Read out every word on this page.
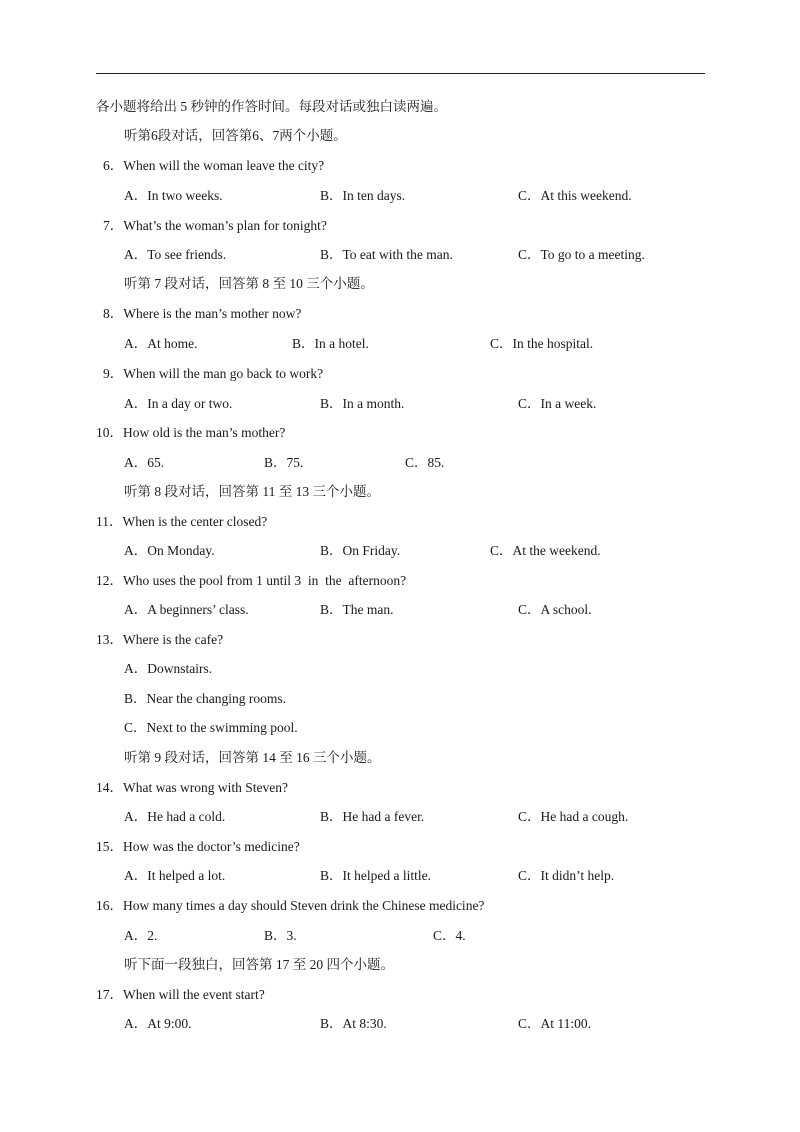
各小题将给出 5 秒钟的作答时间。每段对话或独白读两遍。
听第6段对话，回答第6、7两个小题。
6．When will the woman leave the city?
A．In two weeks.	B．In ten days.	C．At this weekend.
7．What’s the woman’s plan for tonight?
A．To see friends.	B．To eat with the man.	C．To go to a meeting.
听第 7 段对话，回答第 8 至 10 三个小题。
8．Where is the man’s mother now?
A．At home.	B．In a hotel.	C．In the hospital.
9．When will the man go back to work?
A．In a day or two.	B．In a month.	C．In a week.
10．How old is the man’s mother?
A．65.	B．75.	C．85.
听第 8 段对话，回答第 11 至 13 三个小题。
11．When is the center closed?
A．On Monday.	B．On Friday.	C．At the weekend.
12．Who uses the pool from 1 until 3  in  the  afternoon?
A．A beginners’ class.	B．The man.	C．A school.
13．Where is the cafe?
A．Downstairs.
B．Near the changing rooms.
C．Next to the swimming pool.
听第 9 段对话，回答第 14 至 16 三个小题。
14．What was wrong with Steven?
A．He had a cold.	B．He had a fever.	C．He had a cough.
15．How was the doctor’s medicine?
A．It helped a lot.	B．It helped a little.	C．It didn’t help.
16．How many times a day should Steven drink the Chinese medicine?
A．2.	B．3.	C．4.
听下面一段独白，回答第 17 至 20 四个小题。
17．When will the event start?
A．At 9:00.	B．At 8:30.	C．At 11:00.
